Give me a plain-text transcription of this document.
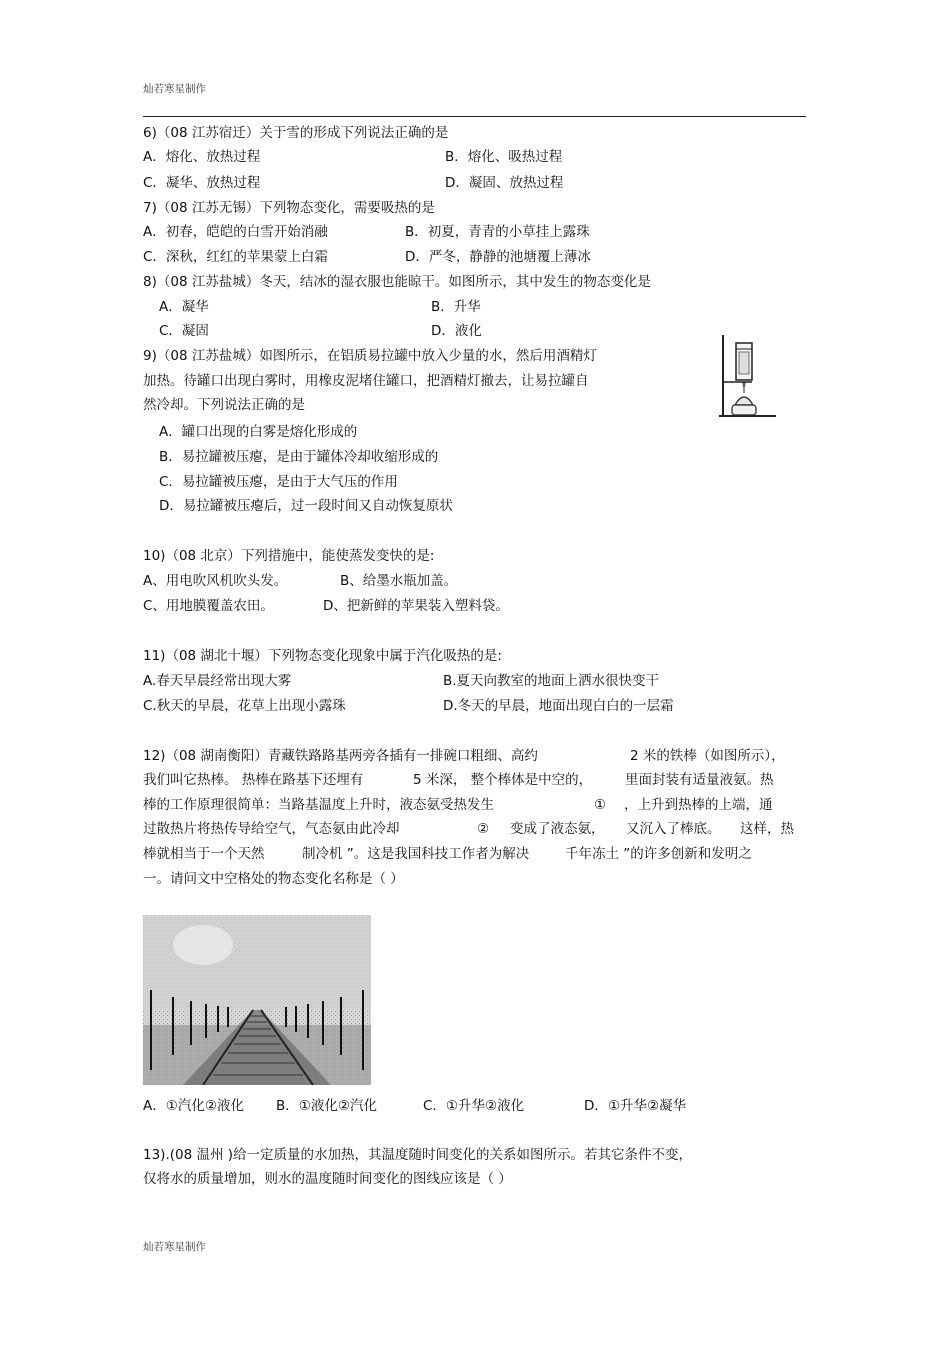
灿若寒星制作
6)（08 江苏宿迁）关于雪的形成下列说法正确的是
A．熔化、放热过程	B．熔化、吸热过程
C．凝华、放热过程	D．凝固、放热过程
7)（08 江苏无锡）下列物态变化，需要吸热的是
A．初春，皑皑的白雪开始消融	B．初夏，青青的小草挂上露珠
C．深秋，红红的苹果蒙上白霜	D．严冬，静静的池塘覆上薄冰
8)（08 江苏盐城）冬天，结冰的湿衣服也能晾干。如图所示，其中发生的物态变化是
A．凝华	B．升华
C．凝固	D．液化
9)（08 江苏盐城）如图所示，在铝质易拉罐中放入少量的水，然后用酒精灯
加热。待罐口出现白雾时，用橡皮泥堵住罐口，把酒精灯撤去，让易拉罐自
然冷却。下列说法正确的是
A．罐口出现的白雾是熔化形成的
B．易拉罐被压瘪，是由于罐体冷却收缩形成的
C．易拉罐被压瘪，是由于大气压的作用
D．易拉罐被压瘪后，过一段时间又自动恢复原状
10)（08 北京）下列措施中，能使蒸发变快的是:
A、用电吹风机吹头发。	B、给墨水瓶加盖。
C、用地膜覆盖农田。	D、把新鲜的苹果装入塑料袋。
11)（08 湖北十堰）下列物态变化现象中属于汽化吸热的是:
A.春天早晨经常出现大雾	B.夏天向教室的地面上洒水很快变干
C.秋天的早晨，花草上出现小露珠	D.冬天的早晨，地面出现白白的一层霜
12)（08 湖南衡阳）青藏铁路路基两旁各插有一排碗口粗细、高约	2 米的铁棒（如图所示），
我们叫它热棒。 热棒在路基下还埋有	5 米深， 整个棒体是中空的， 里面封装有适量液氨。热
棒的工作原理很简单：当路基温度上升时，液态氨受热发生	① ，上升到热棒的上端，通
过散热片将热传导给空气，气态氨由此冷却	② 变成了液态氨， 又沉入了棒底。 这样，热
棒就相当于一个天然	制冷机 ”。这是我国科技工作者为解决	千年冻土 ”的许多创新和发明之
一。请问文中空格处的物态变化名称是（ ）
A．①汽化②液化 B．①液化②汽化	C．①升华②液化	D．①升华②凝华
13).(08 温州 )给一定质量的水加热，其温度随时间变化的关系如图所示。若其它条件不变，
仅将水的质量增加，则水的温度随时间变化的图线应该是（ ）
灿若寒星制作
